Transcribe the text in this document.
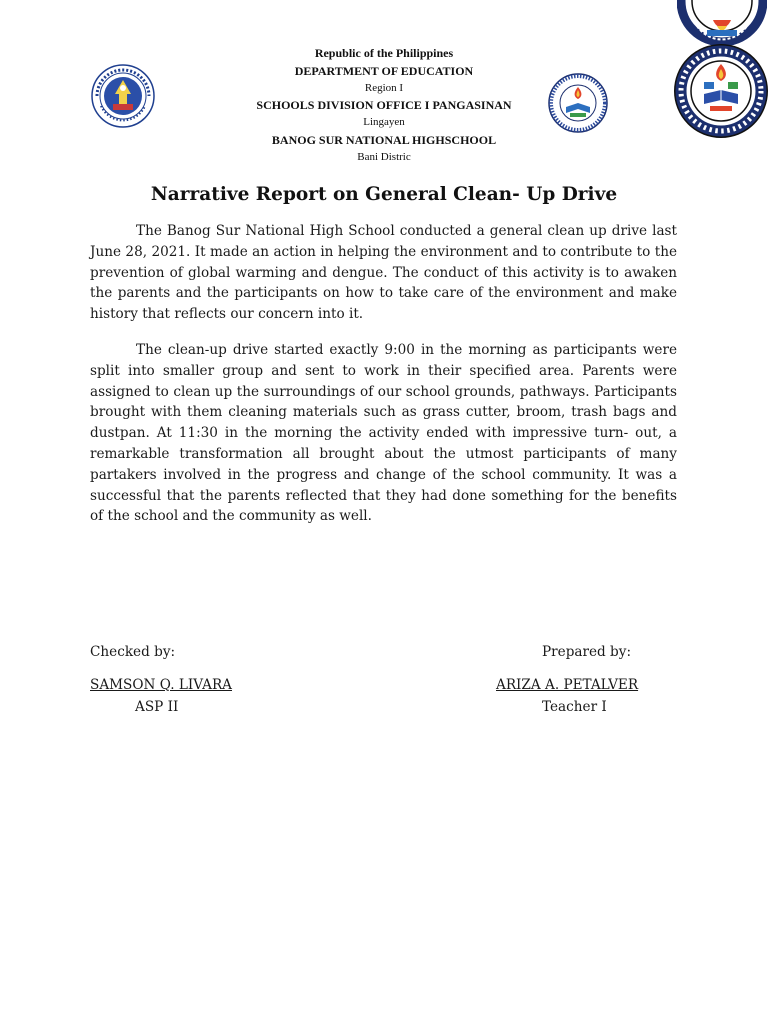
Republic of the Philippines
DEPARTMENT OF EDUCATION
Region I
SCHOOLS DIVISION OFFICE I PANGASINAN
Lingayen
BANOG SUR NATIONAL HIGHSCHOOL
Bani Distric
Narrative Report on General Clean- Up Drive

The Banog Sur National High School conducted a general clean up drive last June 28, 2021. It made an action in helping the environment and to contribute to the prevention of global warming and dengue. The conduct of this activity is to awaken the parents and the participants on how to take care of the environment and make history that reflects our concern into it.

The clean-up drive started exactly 9:00 in the morning as participants were split into smaller group and sent to work in their specified area. Parents were assigned to clean up the surroundings of our school grounds, pathways. Participants brought with them cleaning materials such as grass cutter, broom, trash bags and dustpan. At 11:30 in the morning the activity ended with impressive turn- out, a remarkable transformation all brought about the utmost participants of many partakers involved in the progress and change of the school community. It was a successful that the parents reflected that they had done something for the benefits of the school and the community as well.

Checked by:
SAMSON Q. LIVARA
ASP II
Prepared by:
ARIZA A. PETALVER
Teacher I
